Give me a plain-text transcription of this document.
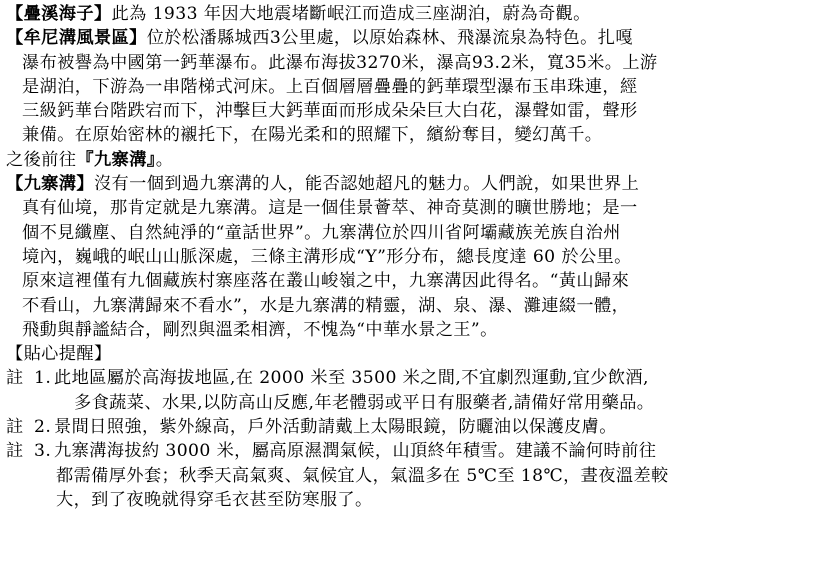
【疊溪海子】此為 1933 年因大地震堵斷岷江而造成三座湖泊，蔚為奇觀。

【牟尼溝風景區】位於松潘縣城西3公里處，以原始森林、飛瀑流泉為特色。扎嘎

瀑布被譽為中國第一鈣華瀑布。此瀑布海拔3270米，瀑高93.2米，寬35米。上游

是湖泊，下游為一串階梯式河床。上百個層層疊疊的鈣華環型瀑布玉串珠連，經

三級鈣華台階跌宕而下，沖擊巨大鈣華面而形成朵朵巨大白花，瀑聲如雷，聲形

兼備。在原始密林的襯托下，在陽光柔和的照耀下，繽紛奪目，變幻萬千。

之後前往『九寨溝』。

【九寨溝】沒有一個到過九寨溝的人，能否認她超凡的魅力。人們說，如果世界上

真有仙境，那肯定就是九寨溝。這是一個佳景薈萃、神奇莫測的曠世勝地；是一

個不見纖塵、自然純淨的“童話世界”。九寨溝位於四川省阿壩藏族羌族自治州

境內，巍峨的岷山山脈深處，三條主溝形成“Y”形分布，總長度達 60 於公里。

原來這裡僅有九個藏族村寨座落在叢山峻嶺之中，九寨溝因此得名。“黃山歸來

不看山，九寨溝歸來不看水”，水是九寨溝的精靈，湖、泉、瀑、灘連綴一體，

飛動與靜謐結合，剛烈與溫柔相濟，不愧為“中華水景之王”。

【貼心提醒】

註 1. 此地區屬於高海拔地區,在 2000 米至 3500 米之間,不宜劇烈運動,宜少飲酒,

多食蔬菜、水果,以防高山反應,年老體弱或平日有服藥者,請備好常用藥品。

註 2. 景間日照強，紫外線高，戶外活動請戴上太陽眼鏡，防曬油以保護皮膚。
註 3. 九寨溝海拔約 3000 米，屬高原濕潤氣候，山頂終年積雪。建議不論何時前往

都需備厚外套；秋季天高氣爽、氣候宜人，氣溫多在 5℃至 18℃，晝夜溫差較

大，到了夜晚就得穿毛衣甚至防寒服了。
